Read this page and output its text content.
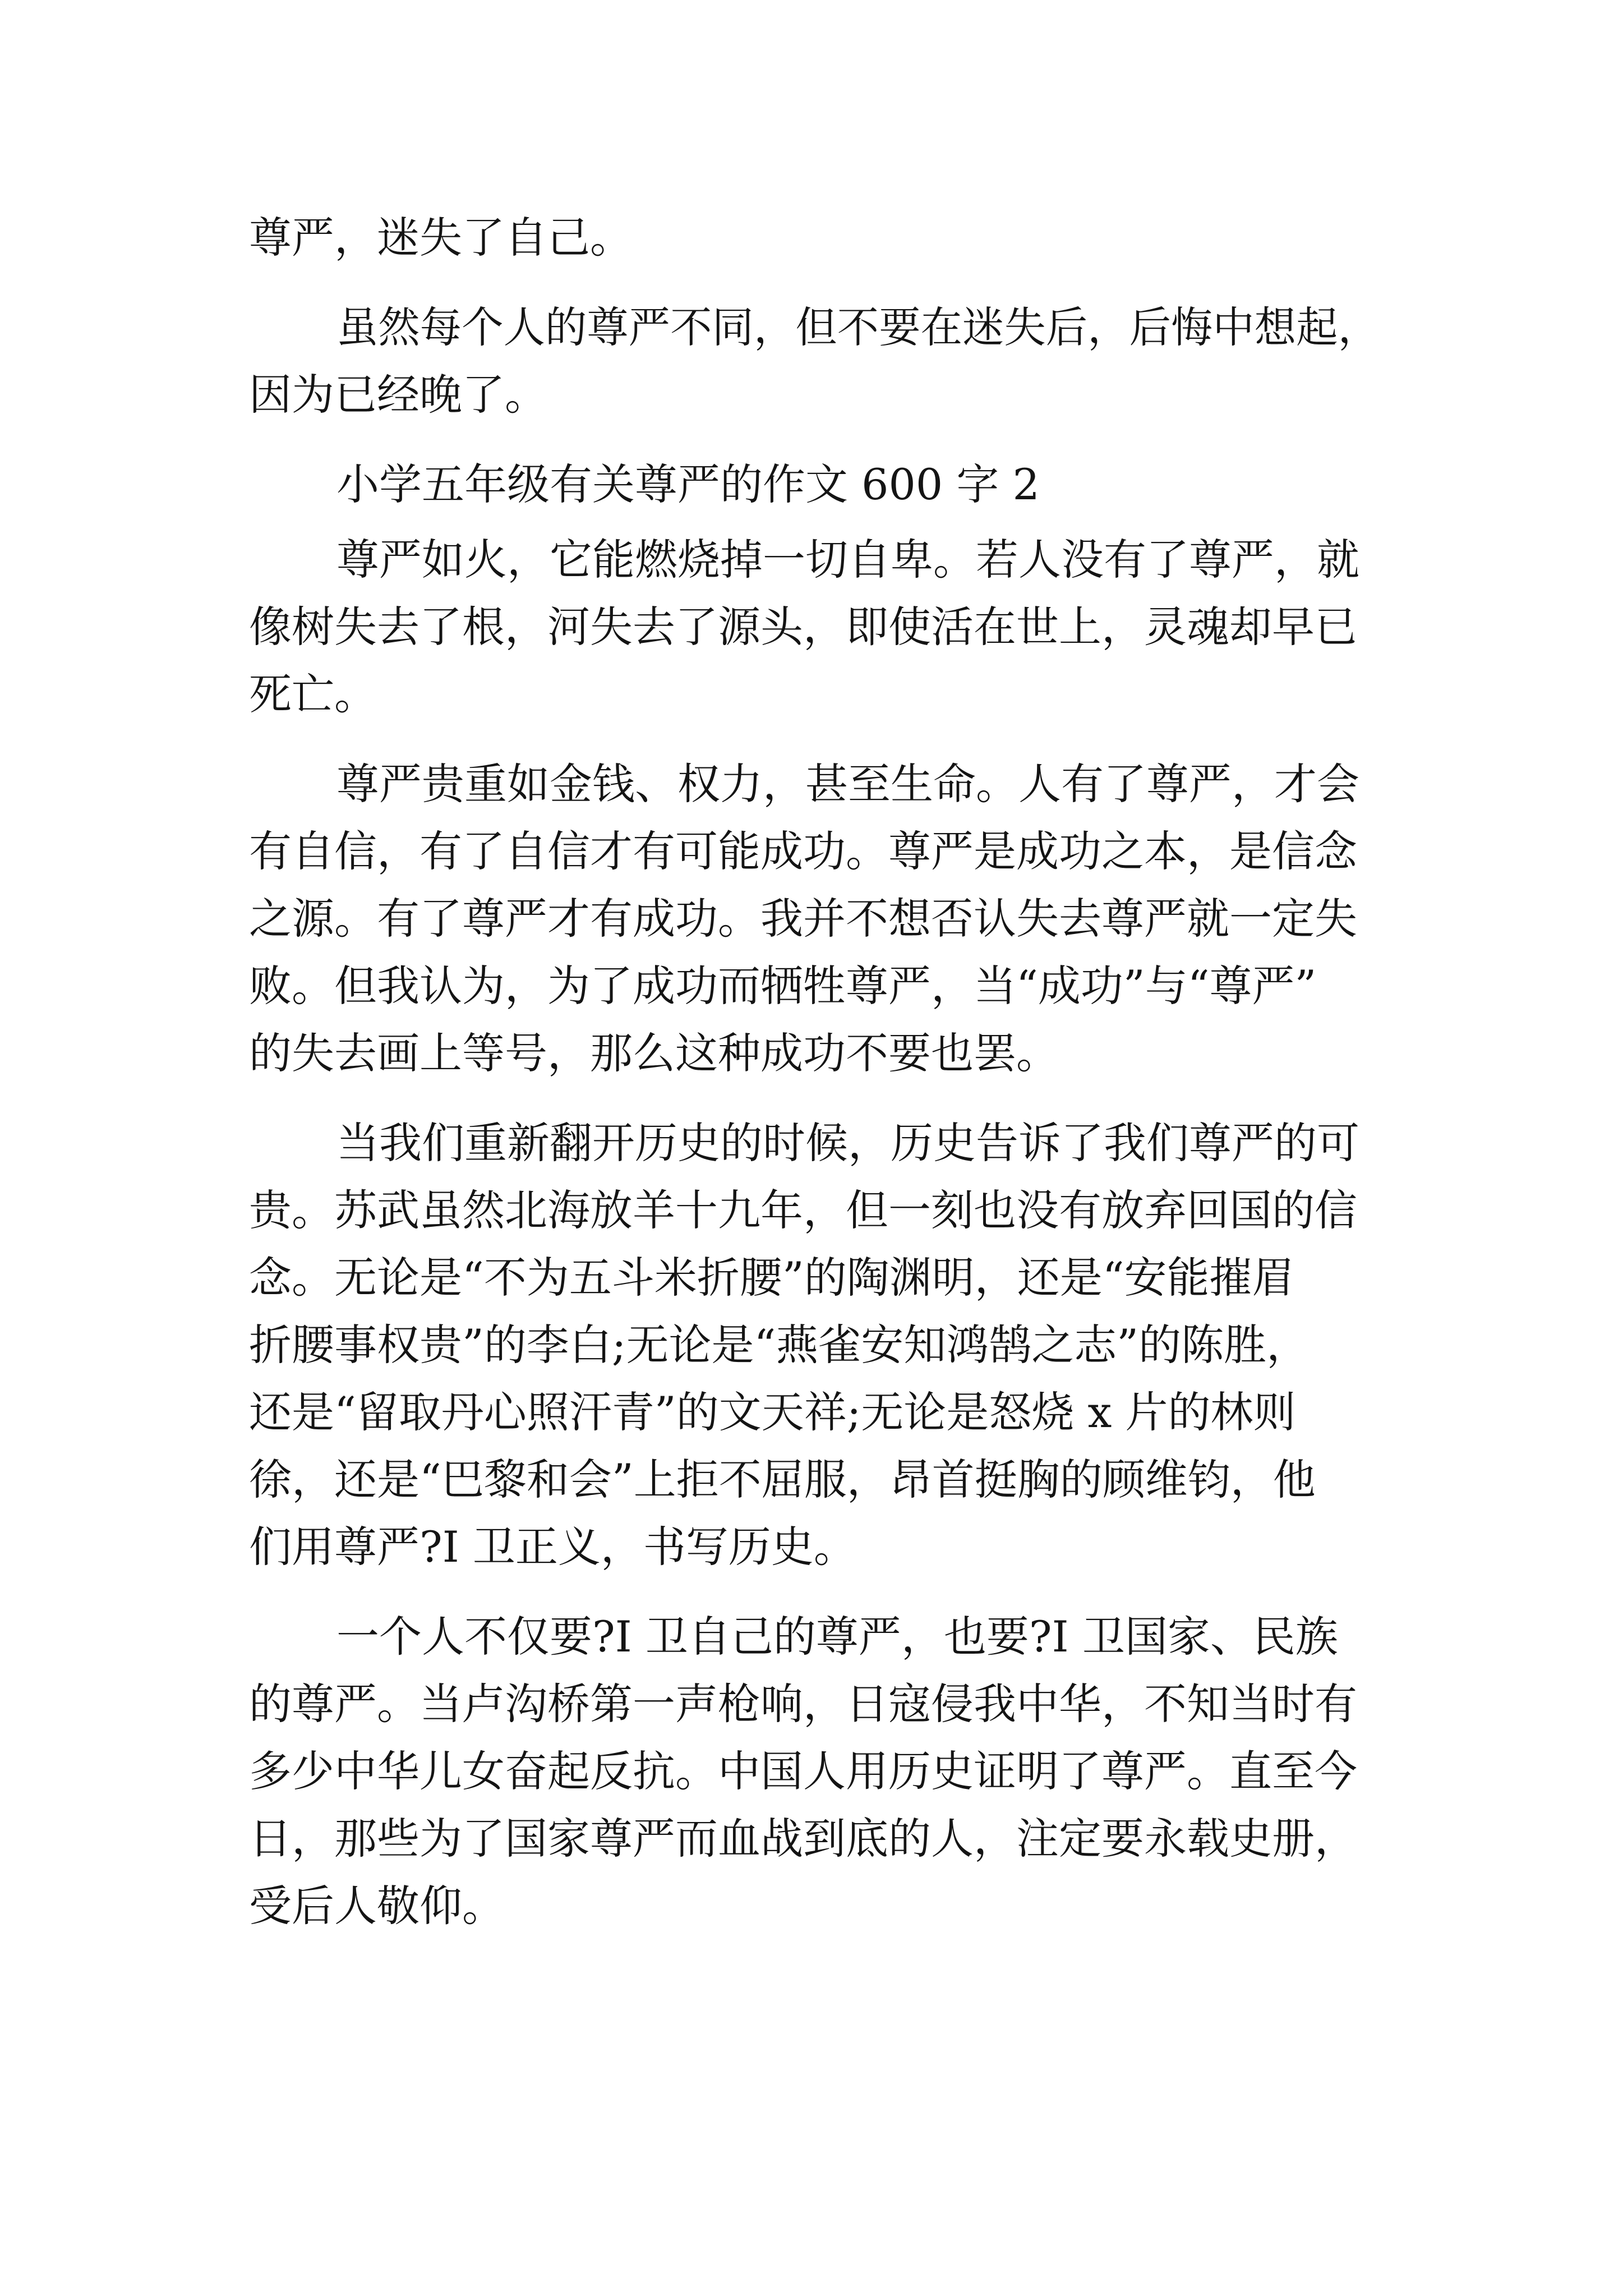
尊严，迷失了自己。
虽然每个人的尊严不同，但不要在迷失后，后悔中想起，
因为已经晚了。
小学五年级有关尊严的作文 600 字 2
尊严如火，它能燃烧掉一切自卑。若人没有了尊严，就
像树失去了根，河失去了源头，即使活在世上，灵魂却早已
死亡。
尊严贵重如金钱、权力，甚至生命。人有了尊严，才会
有自信，有了自信才有可能成功。尊严是成功之本，是信念
之源。有了尊严才有成功。我并不想否认失去尊严就一定失
败。但我认为，为了成功而牺牲尊严，当“成功”与“尊严”
的失去画上等号，那么这种成功不要也罢。
当我们重新翻开历史的时候，历史告诉了我们尊严的可
贵。苏武虽然北海放羊十九年，但一刻也没有放弃回国的信
念。无论是“不为五斗米折腰”的陶渊明，还是“安能摧眉
折腰事权贵”的李白;无论是“燕雀安知鸿鹄之志”的陈胜，
还是“留取丹心照汗青”的文天祥;无论是怒烧 x 片的林则
徐，还是“巴黎和会”上拒不屈服，昂首挺胸的顾维钧，他
们用尊严?I 卫正义，书写历史。
一个人不仅要?I 卫自己的尊严，也要?I 卫国家、民族
的尊严。当卢沟桥第一声枪响，日寇侵我中华，不知当时有
多少中华儿女奋起反抗。中国人用历史证明了尊严。直至今
日，那些为了国家尊严而血战到底的人，注定要永载史册，
受后人敬仰。
